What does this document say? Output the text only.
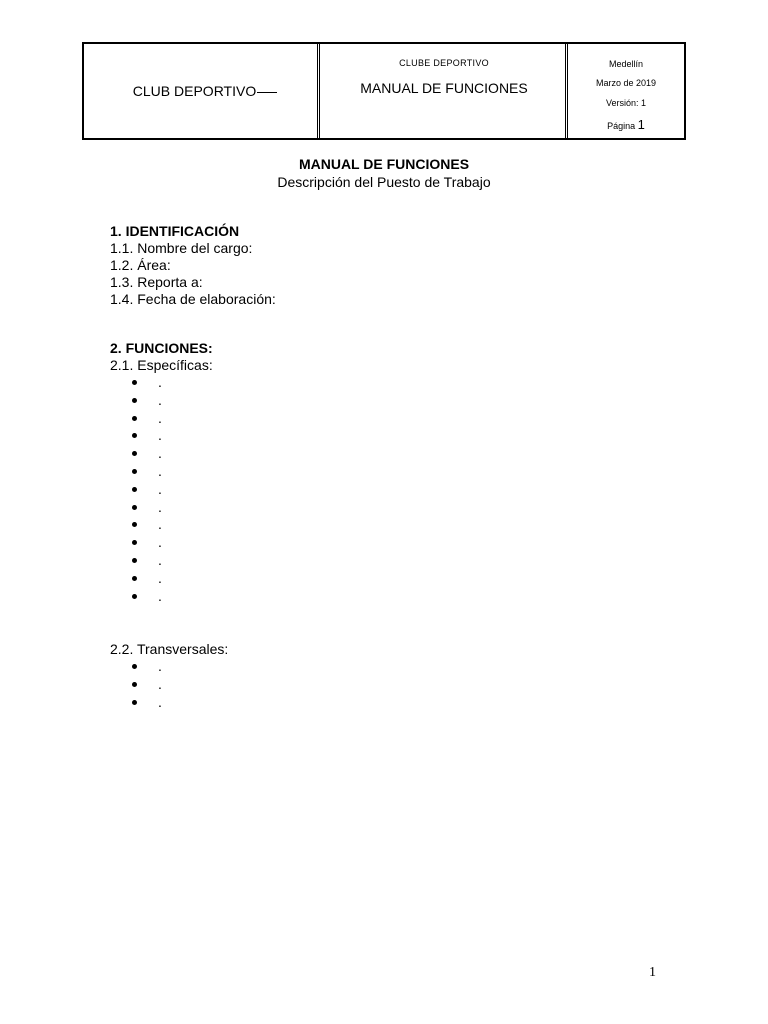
CLUB DEPORTIVO
CLUBE DEPORTIVO
MANUAL DE FUNCIONES
Medellín
Marzo de 2019
Versión: 1
Página 1
MANUAL DE FUNCIONES
Descripción del Puesto de Trabajo
1. IDENTIFICACIÓN
1.1. Nombre del cargo:
1.2. Área:
1.3. Reporta a:
1.4. Fecha de elaboración:
2. FUNCIONES:
2.1. Específicas:
.
.
.
.
.
.
.
.
.
.
.
.
.
2.2. Transversales:
.
.
.
1
